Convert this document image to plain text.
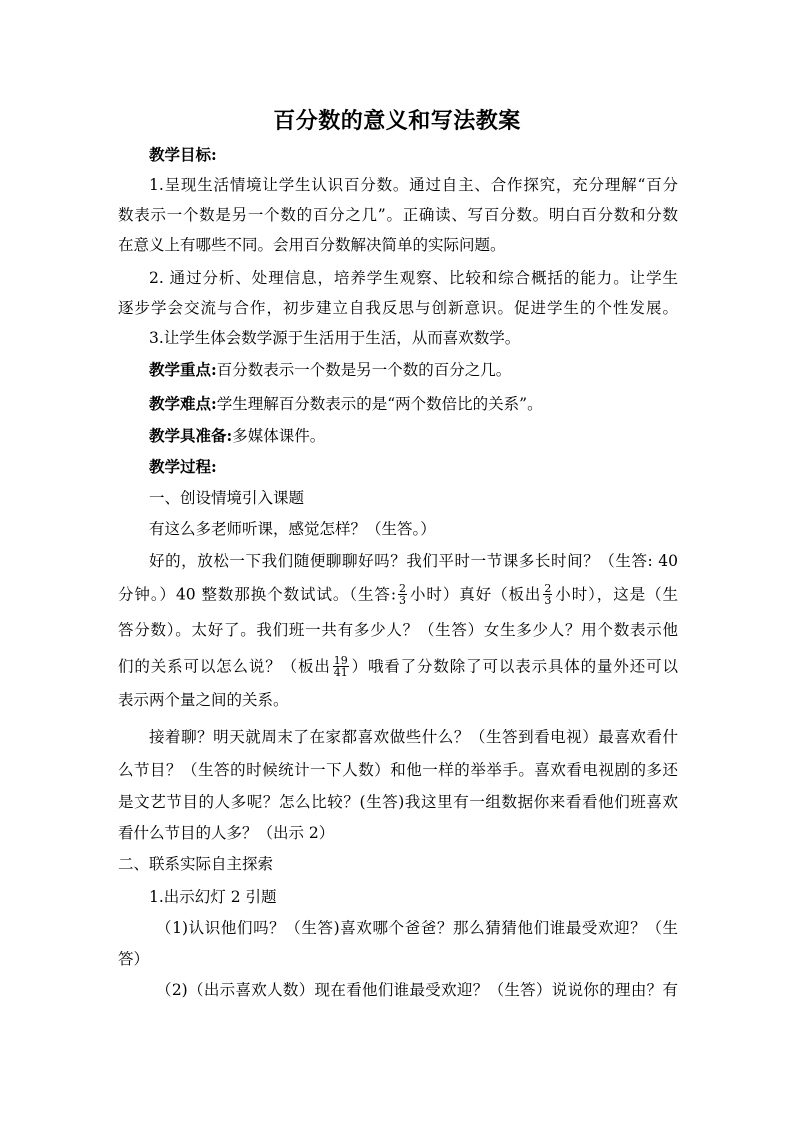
百分数的意义和写法教案

教学目标:

1.呈现生活情境让学生认识百分数。通过自主、合作探究，充分理解“百分

数表示一个数是另一个数的百分之几”。正确读、写百分数。明白百分数和分数

在意义上有哪些不同。会用百分数解决简单的实际问题。

2. 通过分析、处理信息，培养学生观察、比较和综合概括的能力。让学生

逐步学会交流与合作，初步建立自我反思与创新意识。促进学生的个性发展。

3.让学生体会数学源于生活用于生活，从而喜欢数学。

教学重点:百分数表示一个数是另一个数的百分之几。

教学难点:学生理解百分数表示的是“两个数倍比的关系”。

教学具准备:多媒体课件。

教学过程:

一、创设情境引入课题

有这么多老师听课，感觉怎样？（生答。）

好的，放松一下我们随便聊聊好吗？我们平时一节课多长时间？（生答: 40

分钟。）40 整数那换个数试试。（生答: $\frac{2}{3}$ 小时）真好（板出 $\frac{2}{3}$ 小时），这是（生

答分数）。太好了。我们班一共有多少人？（生答）女生多少人？用个数表示他

们的关系可以怎么说？（板出 $\frac{19}{41}$ ）哦看了分数除了可以表示具体的量外还可以

表示两个量之间的关系。

接着聊？明天就周末了在家都喜欢做些什么？（生答到看电视）最喜欢看什

么节目？（生答的时候统计一下人数）和他一样的举举手。喜欢看电视剧的多还

是文艺节目的人多呢？怎么比较？(生答)我这里有一组数据你来看看他们班喜欢

看什么节目的人多？（出示 2）

二、联系实际自主探索

1.出示幻灯 2 引题

（1)认识他们吗？（生答)喜欢哪个爸爸？那么猜猜他们谁最受欢迎？（生

答）

（2)（出示喜欢人数）现在看他们谁最受欢迎？（生答）说说你的理由？有
